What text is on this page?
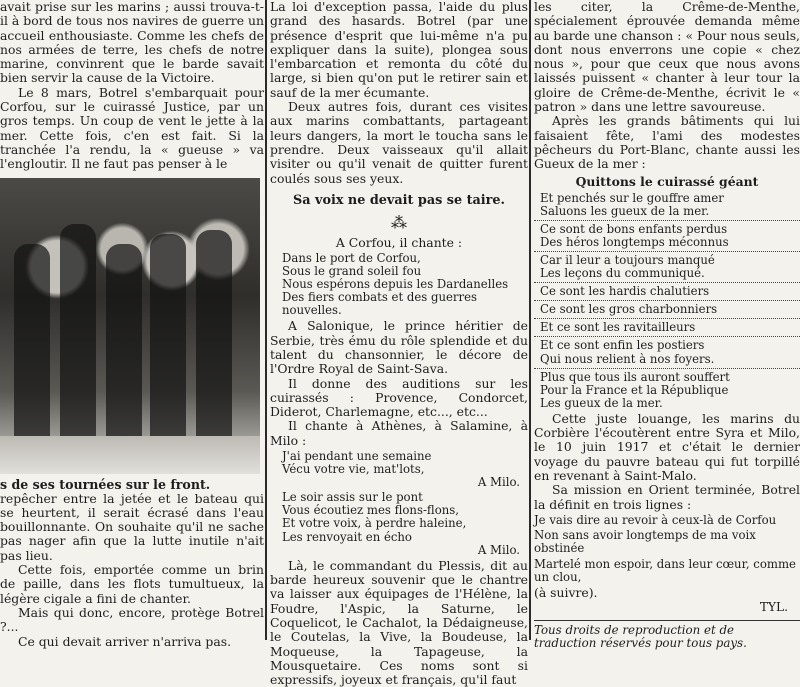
avait prise sur les marins ; aussi trouva-t-il à bord de tous nos navires de guerre un accueil enthousiaste. Comme les chefs de nos armées de terre, les chefs de notre marine, convinrent que le barde savait bien servir la cause de la Victoire.

Le 8 mars, Botrel s'embarquait pour Corfou, sur le cuirassé Justice, par un gros temps. Un coup de vent le jette à la mer. Cette fois, c'en est fait. Si la tranchée l'a rendu, la « gueuse » va l'engloutir. Il ne faut pas penser à le

s de ses tournées sur le front.

repêcher entre la jetée et le bateau qui se heurtent, il serait écrasé dans l'eau bouillonnante. On souhaite qu'il ne sache pas nager afin que la lutte inutile n'ait pas lieu.

Cette fois, emportée comme un brin de paille, dans les flots tumultueux, la légère cigale a fini de chanter.

Mais qui donc, encore, protège Botrel ?...

Ce qui devait arriver n'arriva pas.

La loi d'exception passa, l'aide du plus grand des hasards. Botrel (par une présence d'esprit que lui-même n'a pu expliquer dans la suite), plongea sous l'embarcation et remonta du côté du large, si bien qu'on put le retirer sain et sauf de la mer écumante.

Deux autres fois, durant ces visites aux marins combattants, partageant leurs dangers, la mort le toucha sans le prendre. Deux vaisseaux qu'il allait visiter ou qu'il venait de quitter furent coulés sous ses yeux.

Sa voix ne devait pas se taire.
⁂
A Corfou, il chante :
Dans le port de Corfou,
Sous le grand soleil fou
Nous espérons depuis les Dardanelles
Des fiers combats et des guerres nouvelles.

A Salonique, le prince héritier de Serbie, très ému du rôle splendide et du talent du chansonnier, le décore de l'Ordre Royal de Saint-Sava.

Il donne des auditions sur les cuirassés : Provence, Condorcet, Diderot, Charlemagne, etc..., etc...

Il chante à Athènes, à Salamine, à Milo :

J'ai pendant une semaine
Vécu votre vie, mat'lots,
A Milo.
Le soir assis sur le pont
Vous écoutiez mes flons-flons,
Et votre voix, à perdre haleine,
Les renvoyait en écho
A Milo.

Là, le commandant du Plessis, dit au barde heureux souvenir que le chantre va laisser aux équipages de l'Hélène, la Foudre, l'Aspic, la Saturne, le Coquelicot, le Cachalot, la Dédaigneuse, le Coutelas, la Vive, la Boudeuse, la Moqueuse, la Tapageuse, la Mousquetaire. Ces noms sont si expressifs, joyeux et français, qu'il faut

les citer, la Crême-de-Menthe, spécialement éprouvée demanda même au barde une chanson : « Pour nous seuls, dont nous enverrons une copie « chez nous », pour que ceux que nous avons laissés puissent « chanter à leur tour la gloire de Crême-de-Menthe, écrivit le « patron » dans une lettre savoureuse.

Après les grands bâtiments qui lui faisaient fête, l'ami des modestes pêcheurs du Port-Blanc, chante aussi les Gueux de la mer :

Quittons le cuirassé géant
Et penchés sur le gouffre amer
Saluons les gueux de la mer.
Ce sont de bons enfants perdus
Des héros longtemps méconnus
Car il leur a toujours manqué
Les leçons du communiqué.
Ce sont les hardis chalutiers
Ce sont les gros charbonniers
Et ce sont les ravitailleurs
Et ce sont enfin les postiers
Qui nous relient à nos foyers.
Plus que tous ils auront souffert
Pour la France et la République
Les gueux de la mer.

Cette juste louange, les marins du Corbière l'écoutèrent entre Syra et Milo, le 10 juin 1917 et c'était le dernier voyage du pauvre bateau qui fut torpillé en revenant à Saint-Malo.

Sa mission en Orient terminée, Botrel la définit en trois lignes :

Je vais dire au revoir à ceux-là de Corfou
Non sans avoir longtemps de ma voix obstinée
Martelé mon espoir, dans leur cœur, comme un clou,
(à suivre).
TYL.
Tous droits de reproduction et de traduction réservés pour tous pays.
